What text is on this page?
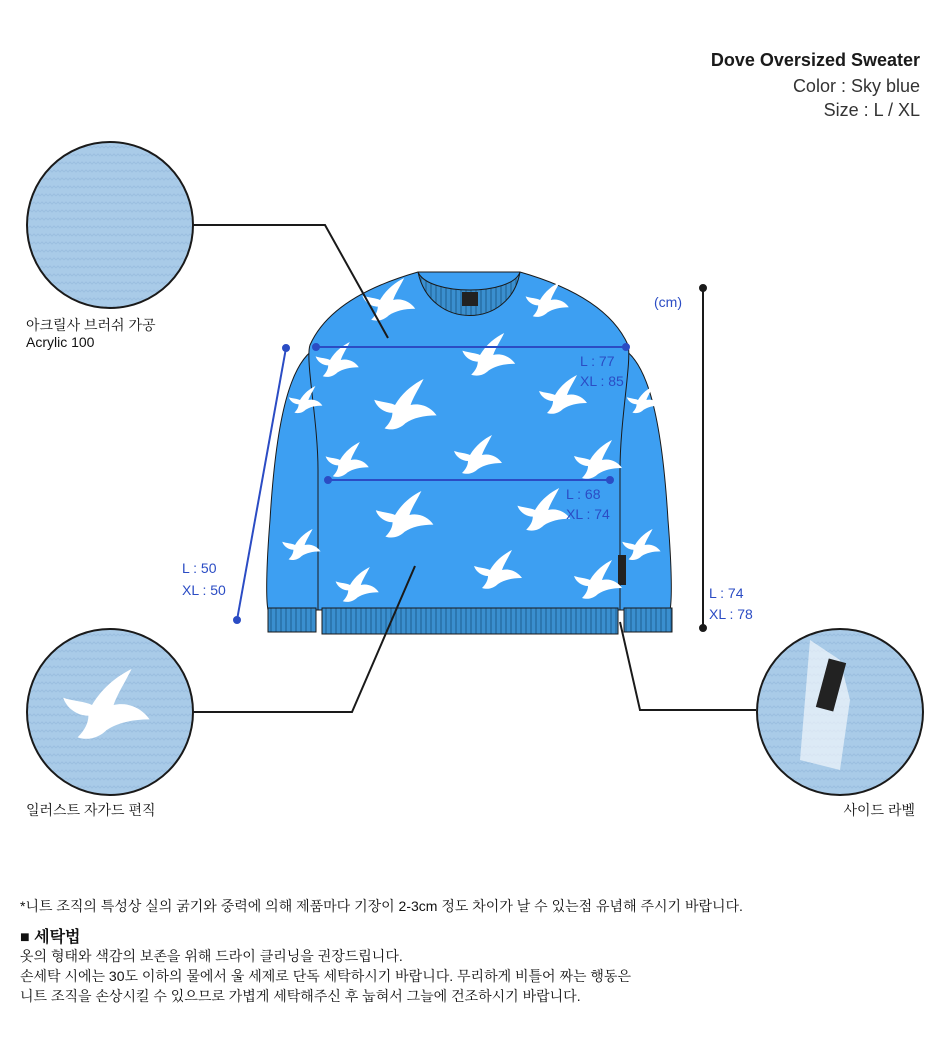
Dove Oversized Sweater
Color : Sky blue
Size : L / XL
아크릴사 브러쉬 가공
Acrylic 100
일러스트 자가드 편직	사이드 라벨
(cm)
L : 77
XL : 85
L : 68
XL : 74
L : 50
XL : 50	L : 74
XL : 78
*니트 조직의 특성상 실의 굵기와 중력에 의해 제품마다 기장이 2-3cm 정도 차이가 날 수 있는점 유념해 주시기 바랍니다.
■ 세탁법
옷의 형태와 색감의 보존을 위해 드라이 클리닝을 권장드립니다.
손세탁 시에는 30도 이하의 물에서 울 세제로 단독 세탁하시기 바랍니다. 무리하게 비틀어 짜는 행동은
니트 조직을 손상시킬 수 있으므로 가볍게 세탁해주신 후 눕혀서 그늘에 건조하시기 바랍니다.
